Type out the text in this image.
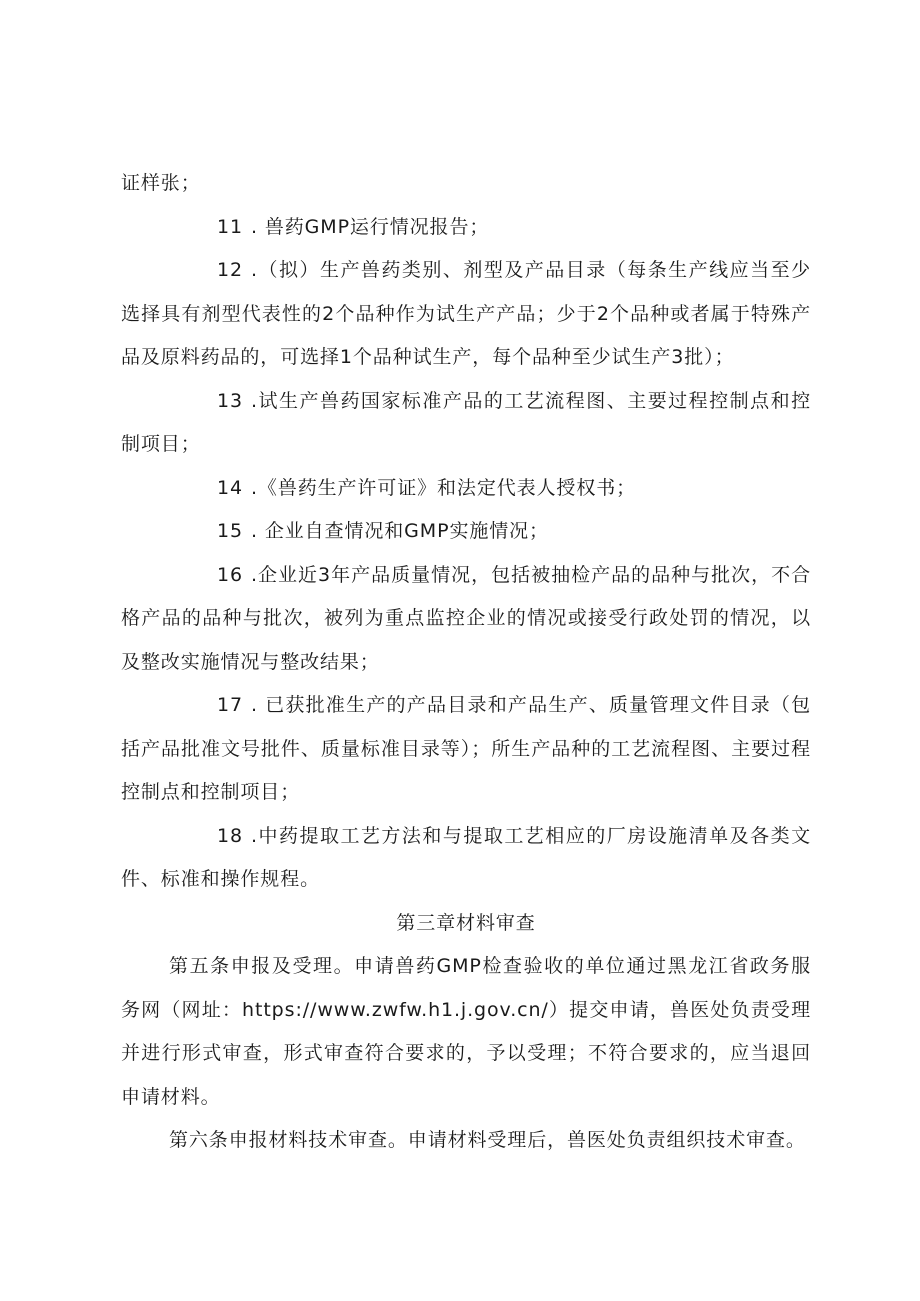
证样张；

11 . 兽药GMP运行情况报告；

12 .（拟）生产兽药类别、剂型及产品目录（每条生产线应当至少选择具有剂型代表性的2个品种作为试生产产品；少于2个品种或者属于特殊产品及原料药品的，可选择1个品种试生产，每个品种至少试生产3批）；

13 .试生产兽药国家标准产品的工艺流程图、主要过程控制点和控制项目；

14 .《兽药生产许可证》和法定代表人授权书；

15 . 企业自查情况和GMP实施情况；

16 .企业近3年产品质量情况，包括被抽检产品的品种与批次，不合格产品的品种与批次，被列为重点监控企业的情况或接受行政处罚的情况，以及整改实施情况与整改结果；

17 . 已获批准生产的产品目录和产品生产、质量管理文件目录（包括产品批准文号批件、质量标准目录等）；所生产品种的工艺流程图、主要过程控制点和控制项目；

18 .中药提取工艺方法和与提取工艺相应的厂房设施清单及各类文件、标准和操作规程。

第三章材料审查

第五条申报及受理。申请兽药GMP检查验收的单位通过黑龙江省政务服务网（网址：https://www.zwfw.h1.j.gov.cn/）提交申请，兽医处负责受理并进行形式审查，形式审查符合要求的，予以受理；不符合要求的，应当退回申请材料。

第六条申报材料技术审查。申请材料受理后，兽医处负责组织技术审查。
